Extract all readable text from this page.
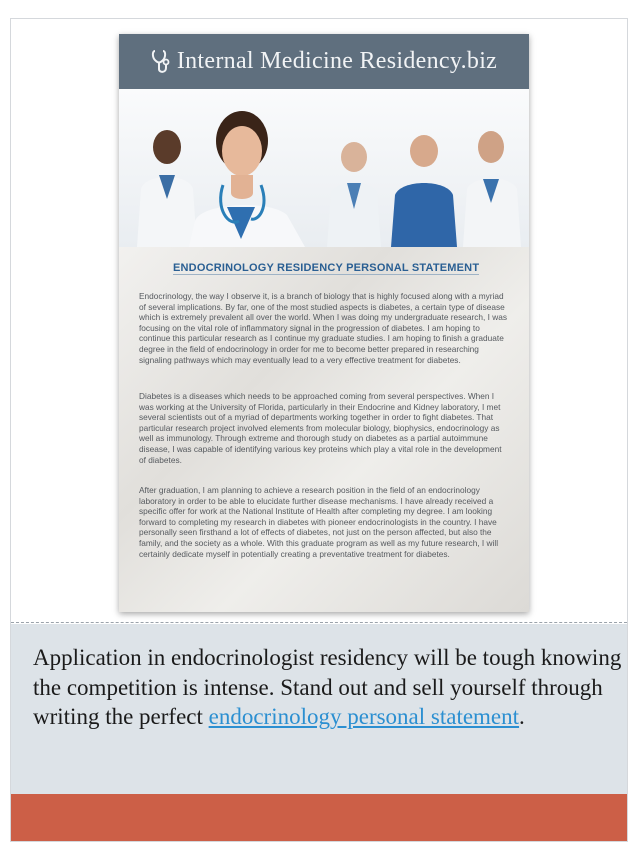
Internal Medicine Residency.biz
ENDOCRINOLOGY RESIDENCY PERSONAL STATEMENT

Endocrinology, the way I observe it, is a branch of biology that is highly focused along with a myriad of several implications. By far, one of the most studied aspects is diabetes, a certain type of disease which is extremely prevalent all over the world. When I was doing my undergraduate research, I was focusing on the vital role of inflammatory signal in the progression of diabetes. I am hoping to continue this particular research as I continue my graduate studies. I am hoping to finish a graduate degree in the field of endocrinology in order for me to become better prepared in researching signaling pathways which may eventually lead to a very effective treatment for diabetes.

Diabetes is a diseases which needs to be approached coming from several perspectives. When I was working at the University of Florida, particularly in their Endocrine and Kidney laboratory, I met several scientists out of a myriad of departments working together in order to fight diabetes. That particular research project involved elements from molecular biology, biophysics, endocrinology as well as immunology. Through extreme and thorough study on diabetes as a partial autoimmune disease, I was capable of identifying various key proteins which play a vital role in the development of diabetes.

After graduation, I am planning to achieve a research position in the field of an endocrinology laboratory in order to be able to elucidate further disease mechanisms. I have already received a specific offer for work at the National Institute of Health after completing my degree. I am looking forward to completing my research in diabetes with pioneer endocrinologists in the country. I have personally seen firsthand a lot of effects of diabetes, not just on the person affected, but also the family, and the society as a whole. With this graduate program as well as my future research, I will certainly dedicate myself in potentially creating a preventative treatment for diabetes.

Application in endocrinologist residency will be tough knowing the competition is intense. Stand out and sell yourself through writing the perfect endocrinology personal statement.
